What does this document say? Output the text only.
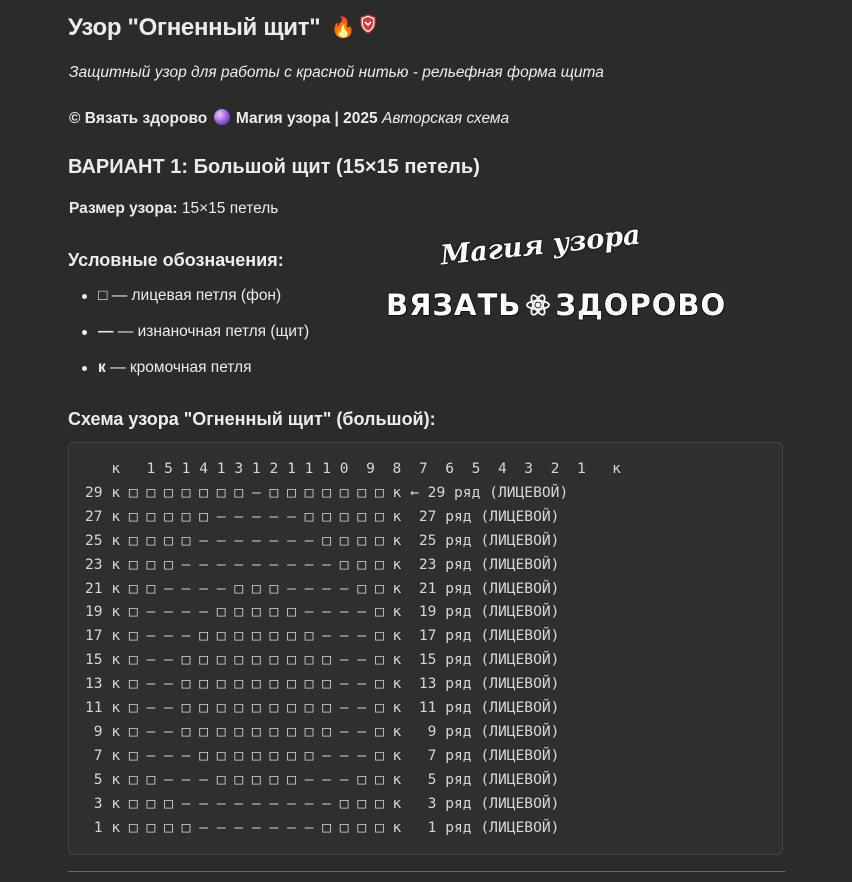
Узор "Огненный щит" 🔥

Защитный узор для работы с красной нитью - рельефная форма щита

© Вязать здорово Магия узора | 2025 Авторская схема

ВАРИАНТ 1: Большой щит (15×15 петель)

Размер узора: 15×15 петель

Условные обозначения:
□ — лицевая петля (фон)
— — изнаночная петля (щит)
к — кромочная петля
Схема узора "Огненный щит" (большой):
к   1 5 1 4 1 3 1 2 1 1 1 0  9  8  7  6  5  4  3  2  1   к
29 к □ □ □ □ □ □ □ — □ □ □ □ □ □ □ к ← 29 ряд (ЛИЦЕВОЙ)
27 к □ □ □ □ □ — — — — — □ □ □ □ □ к  27 ряд (ЛИЦЕВОЙ)
25 к □ □ □ □ — — — — — — — □ □ □ □ к  25 ряд (ЛИЦЕВОЙ)
23 к □ □ □ — — — — — — — — — □ □ □ к  23 ряд (ЛИЦЕВОЙ)
21 к □ □ — — — — □ □ □ — — — — □ □ к  21 ряд (ЛИЦЕВОЙ)
19 к □ — — — — □ □ □ □ □ — — — — □ к  19 ряд (ЛИЦЕВОЙ)
17 к □ — — — □ □ □ □ □ □ □ — — — □ к  17 ряд (ЛИЦЕВОЙ)
15 к □ — — □ □ □ □ □ □ □ □ □ — — □ к  15 ряд (ЛИЦЕВОЙ)
13 к □ — — □ □ □ □ □ □ □ □ □ — — □ к  13 ряд (ЛИЦЕВОЙ)
11 к □ — — □ □ □ □ □ □ □ □ □ — — □ к  11 ряд (ЛИЦЕВОЙ)
9 к □ — — □ □ □ □ □ □ □ □ □ — — □ к   9 ряд (ЛИЦЕВОЙ)
7 к □ — — — □ □ □ □ □ □ □ — — — □ к   7 ряд (ЛИЦЕВОЙ)
5 к □ □ — — — □ □ □ □ □ — — — □ □ к   5 ряд (ЛИЦЕВОЙ)
3 к □ □ □ — — — — — — — — — □ □ □ к   3 ряд (ЛИЦЕВОЙ)
1 к □ □ □ □ — — — — — — — □ □ □ □ к   1 ряд (ЛИЦЕВОЙ)
Магия узора
ВЯЗАТЬ ЗДОРОВО
